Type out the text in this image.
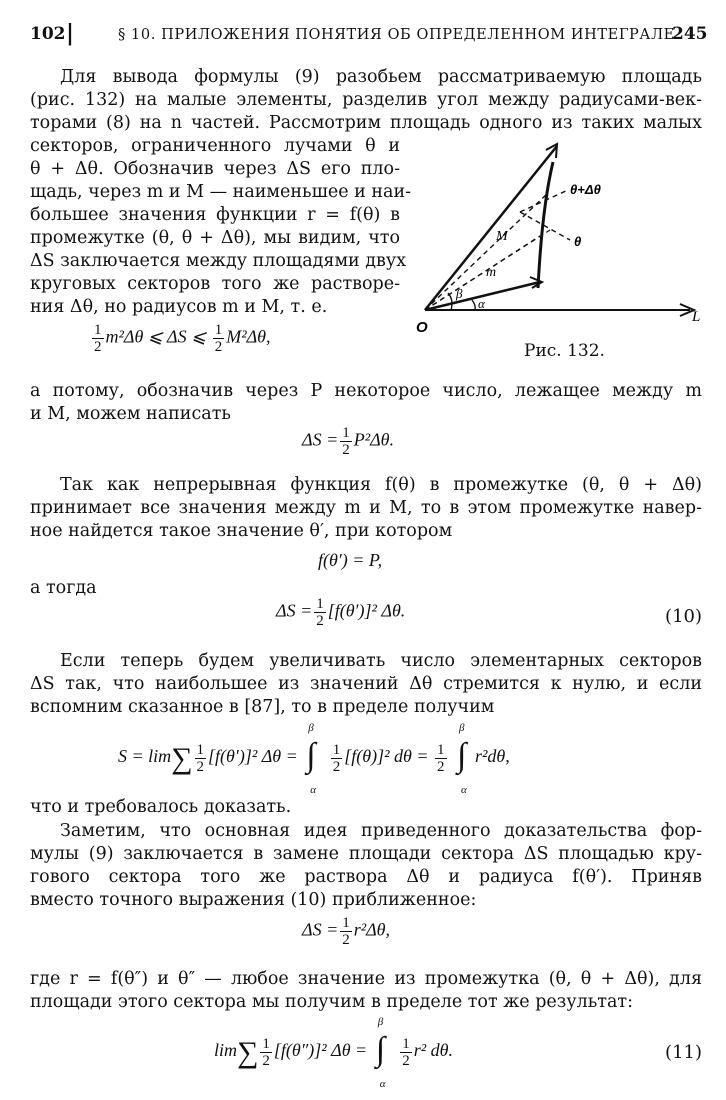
102 |	§ 10. ПРИЛОЖЕНИЯ ПОНЯТИЯ ОБ ОПРЕДЕЛЕННОМ ИНТЕГРАЛЕ
245
Для вывода формулы (9) разобьем рассматриваемую площадь
(рис. 132) на малые элементы, разделив угол между радиусами-век-
торами (8) на n частей. Рассмотрим площадь одного из таких малых
секторов, ограниченного лучами θ и
θ + Δθ. Обозначив через ΔS его пло-
щадь, через m и M — наименьшее и наи-
большее значения функции r = f(θ) в
промежутке (θ, θ + Δθ), мы видим, что
ΔS заключается между площадями двух
круговых секторов того же растворе-
ния Δθ, но радиусов m и M, т. е.
O
L
θ+Δθ
θ
M
m
β
α
Рис. 132.
$\frac{1}{2} m^2\Delta\theta$ ⩽ ΔS ⩽ $\frac{1}{2} M^2\Delta\theta$,
а потому, обозначив через P некоторое число, лежащее между m
и M, можем написать
$\Delta S = \frac{1}{2} P^2\Delta\theta$.
Так как непрерывная функция f(θ) в промежутке (θ, θ + Δθ)
принимает все значения между m и M, то в этом промежутке навер-
ное найдется такое значение θ′, при котором
f(θ′) = P,
а тогда
$\Delta S = \frac{1}{2} [f(\theta')]^2$ Δθ.	(10)
Если теперь будем увеличивать число элементарных секторов
ΔS так, что наибольшее из значений Δθ стремится к нулю, и если
вспомним сказанное в [87], то в пределе получим
$S = \lim\sum \frac{1}{2} [f(\theta')]^2$ Δθ = ∫
β
α

$\frac{1}{2} [f(\theta)]^2$ $d\theta = \frac{1}{2}$
∫
β
α
r²dθ,
что и требовалось доказать.
Заметим, что основная идея приведенного доказательства фор-
мулы (9) заключается в замене площади сектора ΔS площадью кру-
гового сектора того же раствора Δθ и радиуса f(θ′). Приняв
вместо точного выражения (10) приближенное:
$\Delta S = \frac{1}{2} r^2\Delta\theta$,
где r = f(θ″) и θ″ — любое значение из промежутка (θ, θ + Δθ), для
площади этого сектора мы получим в пределе тот же результат:
$\lim\sum \frac{1}{2} [f(\theta'')]^2$ Δθ = ∫
β
α

$\frac{1}{2} r^2$ dθ.	(11)
